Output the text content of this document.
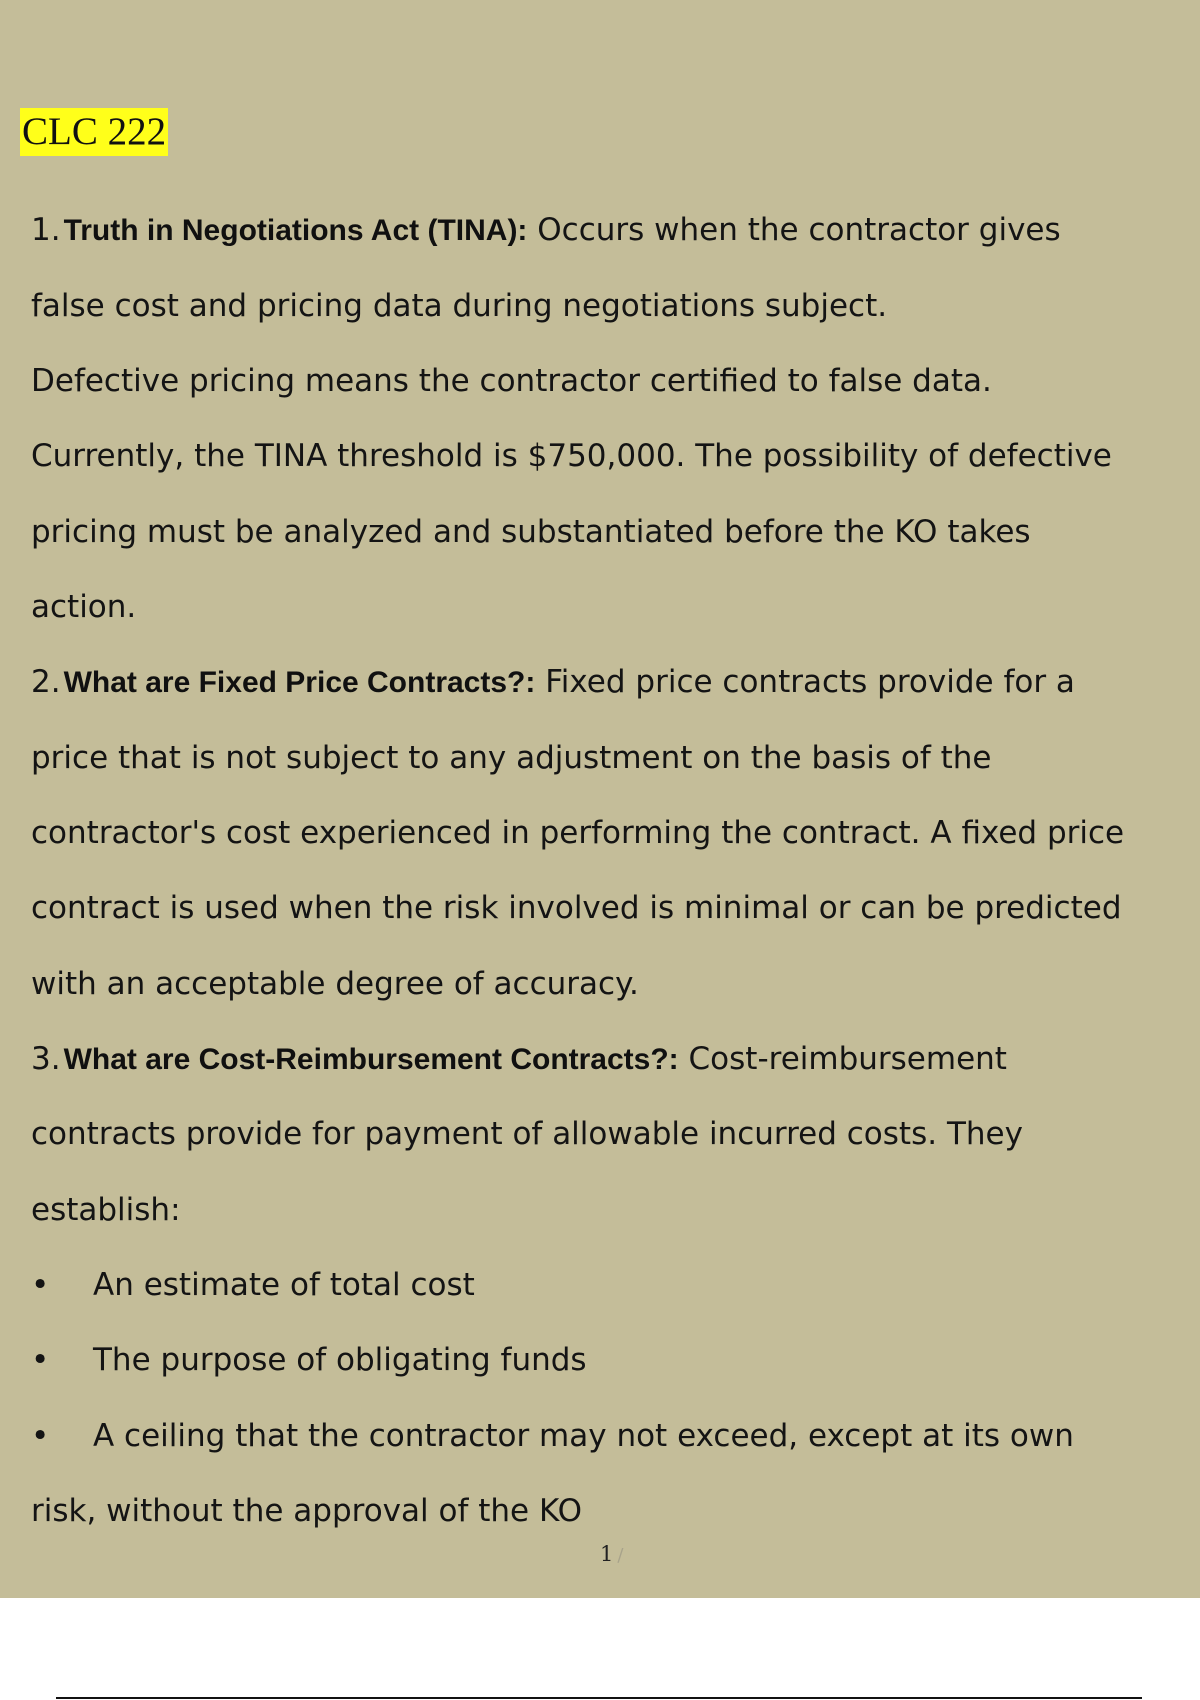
CLC 222
1. Truth in Negotiations Act (TINA): Occurs when the contractor gives
false cost and pricing data during negotiations subject.
Defective pricing means the contractor certified to false data.
Currently, the TINA threshold is $750,000. The possibility of defective
pricing must be analyzed and substantiated before the KO takes
action.
2. What are Fixed Price Contracts?: Fixed price contracts provide for a
price that is not subject to any adjustment on the basis of the
contractor's cost experienced in performing the contract. A fixed price
contract is used when the risk involved is minimal or can be predicted
with an acceptable degree of accuracy.
3. What are Cost-Reimbursement Contracts?: Cost-reimbursement
contracts provide for payment of allowable incurred costs. They
establish:
•	An estimate of total cost
•	The purpose of obligating funds
•	A ceiling that the contractor may not exceed, except at its own
risk, without the approval of the KO
1 /
